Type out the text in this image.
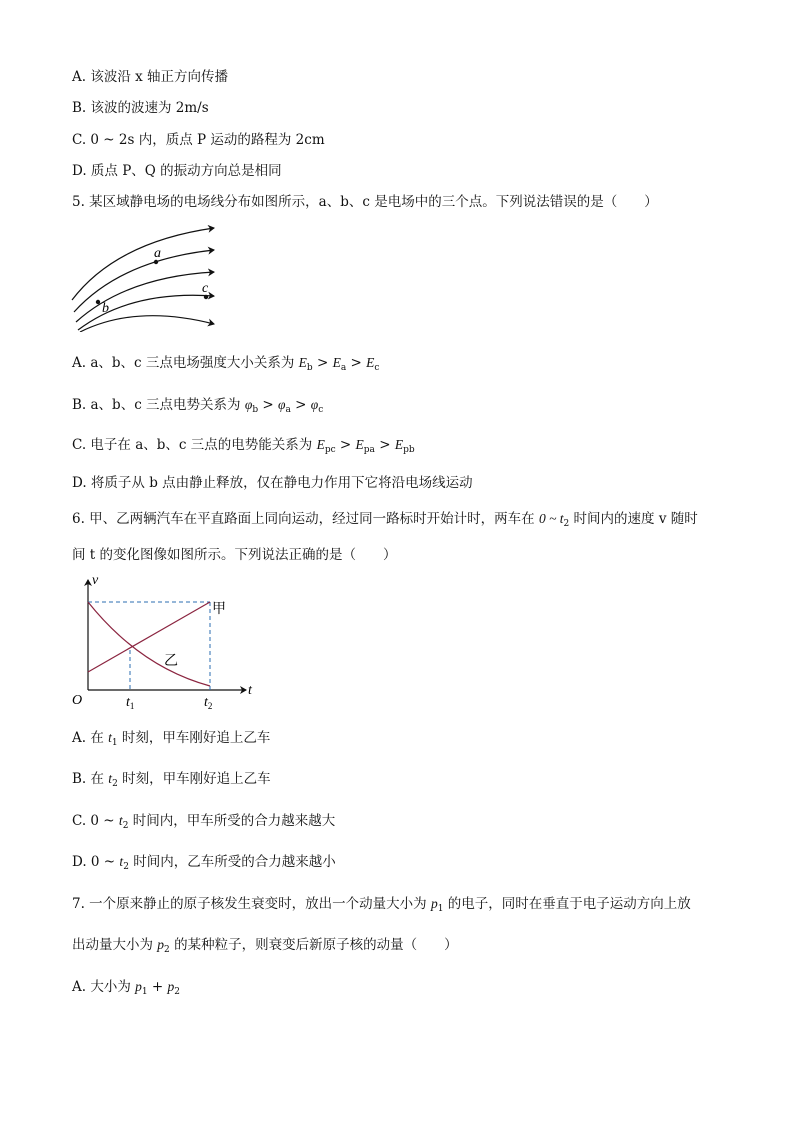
A. 该波沿 x 轴正方向传播
B. 该波的波速为 2m/s
C. 0 ~ 2s 内，质点 P 运动的路程为 2cm
D. 质点 P、Q 的振动方向总是相同
5. 某区域静电场的电场线分布如图所示，a、b、c 是电场中的三个点。下列说法错误的是（　　）
a
b
c
A. a、b、c 三点电场强度大小关系为 $E_b > E_a > E_c$
B. a、b、c 三点电势关系为 $\varphi_b > \varphi_a > \varphi_c$
C. 电子在 a、b、c 三点的电势能关系为 $E_{pc} > E_{pa} > E_{pb}$
D. 将质子从 b 点由静止释放，仅在静电力作用下它将沿电场线运动
6. 甲、乙两辆汽车在平直路面上同向运动，经过同一路标时开始计时，两车在 0 ~ $t_2$ 时间内的速度 v 随时
间 t 的变化图像如图所示。下列说法正确的是（　　）
v
t
O	$t_1$	$t_2$
甲
乙
A. 在 $t_1$ 时刻，甲车刚好追上乙车
B. 在 $t_2$ 时刻，甲车刚好追上乙车
C. 0 ~ $t_2$ 时间内，甲车所受的合力越来越大
D. 0 ~ $t_2$ 时间内，乙车所受的合力越来越小
7. 一个原来静止的原子核发生衰变时，放出一个动量大小为 $p_1$ 的电子，同时在垂直于电子运动方向上放
出动量大小为 $p_2$ 的某种粒子，则衰变后新原子核的动量（　　）
A. 大小为 $p_1 + p_2$
